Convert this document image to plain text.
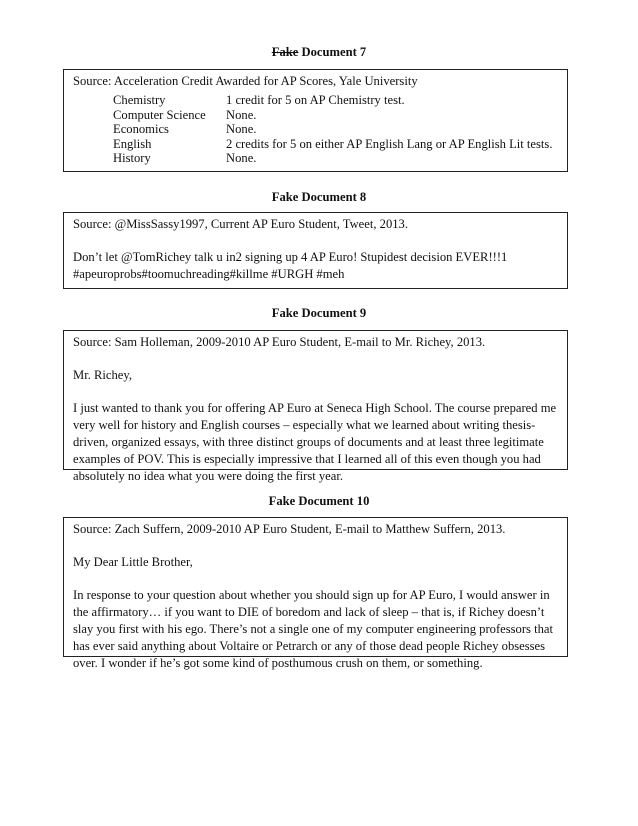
Fake Document 7

Source: Acceleration Credit Awarded for AP Scores, Yale University

Chemistry	1 credit for 5 on AP Chemistry test.
Computer Science	None.
Economics	None.
English	2 credits for 5 on either AP English Lang or AP English Lit tests.
History	None.
Fake Document 8

Source: @MissSassy1997, Current AP Euro Student, Tweet, 2013.

Don’t let @TomRichey talk u in2 signing up 4 AP Euro! Stupidest decision EVER!!!1

#apeuroprobs#toomuchreading#killme #URGH #meh

Fake Document 9

Source: Sam Holleman, 2009-2010 AP Euro Student, E-mail to Mr. Richey, 2013.

Mr. Richey,

I just wanted to thank you for offering AP Euro at Seneca High School. The course prepared me

very well for history and English courses – especially what we learned about writing thesis-

driven, organized essays, with three distinct groups of documents and at least three legitimate

examples of POV. This is especially impressive that I learned all of this even though you had

absolutely no idea what you were doing the first year.

Fake Document 10

Source: Zach Suffern, 2009-2010 AP Euro Student, E-mail to Matthew Suffern, 2013.

My Dear Little Brother,

In response to your question about whether you should sign up for AP Euro, I would answer in

the affirmatory… if you want to DIE of boredom and lack of sleep – that is, if Richey doesn’t

slay you first with his ego. There’s not a single one of my computer engineering professors that

has ever said anything about Voltaire or Petrarch or any of those dead people Richey obsesses

over. I wonder if he’s got some kind of posthumous crush on them, or something.
